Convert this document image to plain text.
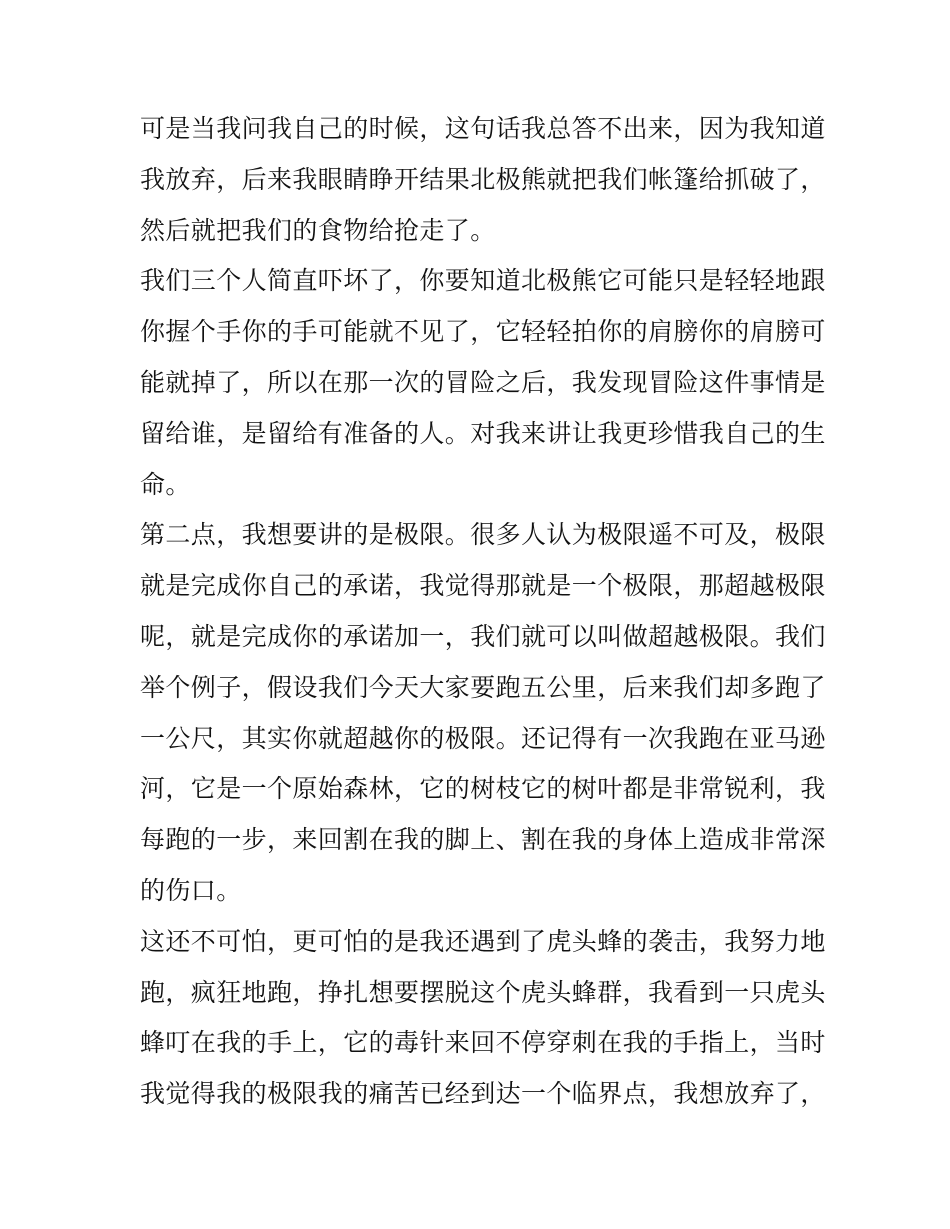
可是当我问我自己的时候，这句话我总答不出来，因为我知道
我放弃，后来我眼睛睁开结果北极熊就把我们帐篷给抓破了，
然后就把我们的食物给抢走了。
我们三个人简直吓坏了，你要知道北极熊它可能只是轻轻地跟
你握个手你的手可能就不见了，它轻轻拍你的肩膀你的肩膀可
能就掉了，所以在那一次的冒险之后，我发现冒险这件事情是
留给谁，是留给有准备的人。对我来讲让我更珍惜我自己的生
命。
第二点，我想要讲的是极限。很多人认为极限遥不可及，极限
就是完成你自己的承诺，我觉得那就是一个极限，那超越极限
呢，就是完成你的承诺加一，我们就可以叫做超越极限。我们
举个例子，假设我们今天大家要跑五公里，后来我们却多跑了
一公尺，其实你就超越你的极限。还记得有一次我跑在亚马逊
河，它是一个原始森林，它的树枝它的树叶都是非常锐利，我
每跑的一步，来回割在我的脚上、割在我的身体上造成非常深
的伤口。
这还不可怕，更可怕的是我还遇到了虎头蜂的袭击，我努力地
跑，疯狂地跑，挣扎想要摆脱这个虎头蜂群，我看到一只虎头
蜂叮在我的手上，它的毒针来回不停穿刺在我的手指上，当时
我觉得我的极限我的痛苦已经到达一个临界点，我想放弃了，
